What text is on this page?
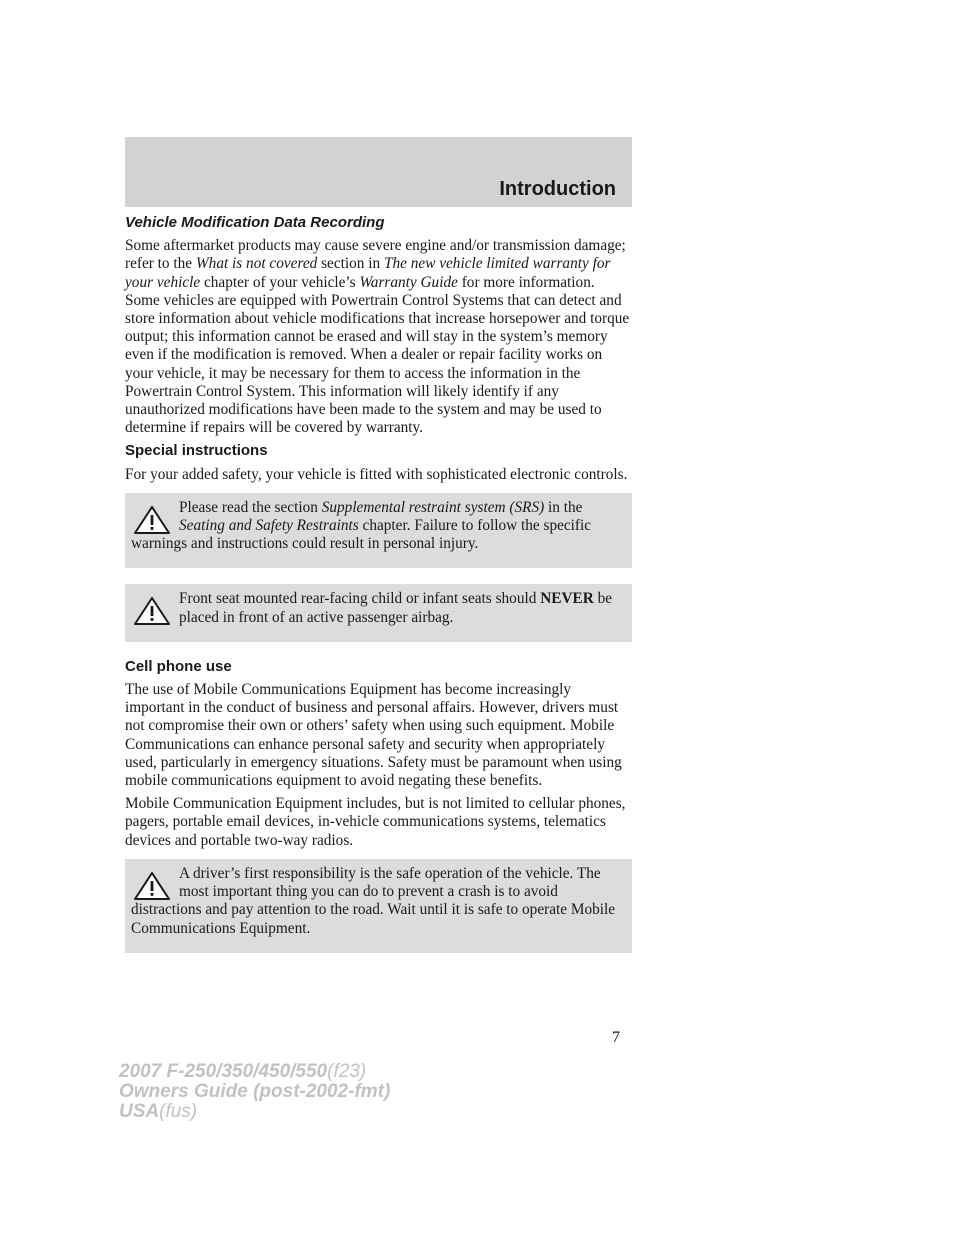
Introduction

Vehicle Modification Data Recording

Some aftermarket products may cause severe engine and/or transmission damage; refer to the What is not covered section in The new vehicle limited warranty for your vehicle chapter of your vehicle’s Warranty Guide for more information. Some vehicles are equipped with Powertrain Control Systems that can detect and store information about vehicle modifications that increase horsepower and torque output; this information cannot be erased and will stay in the system’s memory even if the modification is removed. When a dealer or repair facility works on your vehicle, it may be necessary for them to access the information in the Powertrain Control System. This information will likely identify if any unauthorized modifications have been made to the system and may be used to determine if repairs will be covered by warranty.

Special instructions

For your added safety, your vehicle is fitted with sophisticated electronic controls.

Please read the section Supplemental restraint system (SRS) in the Seating and Safety Restraints chapter. Failure to follow the specific warnings and instructions could result in personal injury.

Front seat mounted rear-facing child or infant seats should NEVER be placed in front of an active passenger airbag.

Cell phone use

The use of Mobile Communications Equipment has become increasingly important in the conduct of business and personal affairs. However, drivers must not compromise their own or others’ safety when using such equipment. Mobile Communications can enhance personal safety and security when appropriately used, particularly in emergency situations. Safety must be paramount when using mobile communications equipment to avoid negating these benefits.

Mobile Communication Equipment includes, but is not limited to cellular phones, pagers, portable email devices, in-vehicle communications systems, telematics devices and portable two-way radios.

A driver’s first responsibility is the safe operation of the vehicle. The most important thing you can do to prevent a crash is to avoid distractions and pay attention to the road. Wait until it is safe to operate Mobile Communications Equipment.

7
2007 F-250/350/450/550(f23)
Owners Guide (post-2002-fmt)
USA(fus)
